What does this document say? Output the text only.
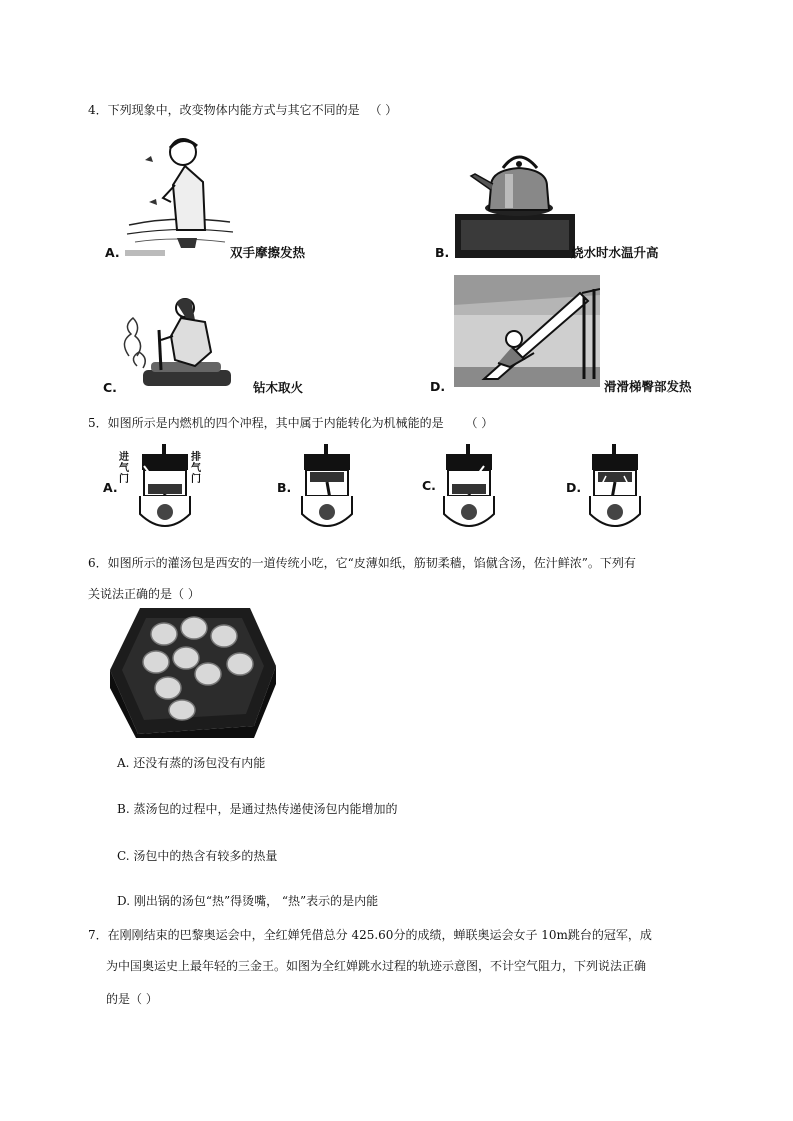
4．下列现象中，改变物体内能方式与其它不同的是 （ ）
A.	双手摩擦发热	B.	烧水时水温升高
C.	钻木取火	D.	滑滑梯臀部发热
5．如图所示是内燃机的四个冲程，其中属于内能转化为机械能的是 （ ）
进气门
排气门
A.	B.	C.	D.
6．如图所示的灌汤包是西安的一道传统小吃，它“皮薄如纸，筋韧柔穑，馅僦含汤，佐汁鲜浓”。下列有
关说法正确的是（ ）
A. 还没有蒸的汤包没有内能
B. 蒸汤包的过程中，是通过热传递使汤包内能增加的
C. 汤包中的热含有较多的热量
D. 刚出锅的汤包“热”得烫嘴， “热”表示的是内能
7．在刚刚结束的巴黎奥运会中，全红婵凭借总分 425.60分的成绩，蝉联奥运会女子 10m跳台的冠军，成
为中国奥运史上最年轻的三金王。如图为全红婵跳水过程的轨迹示意图，不计空气阻力，下列说法正确
的是（ ）
